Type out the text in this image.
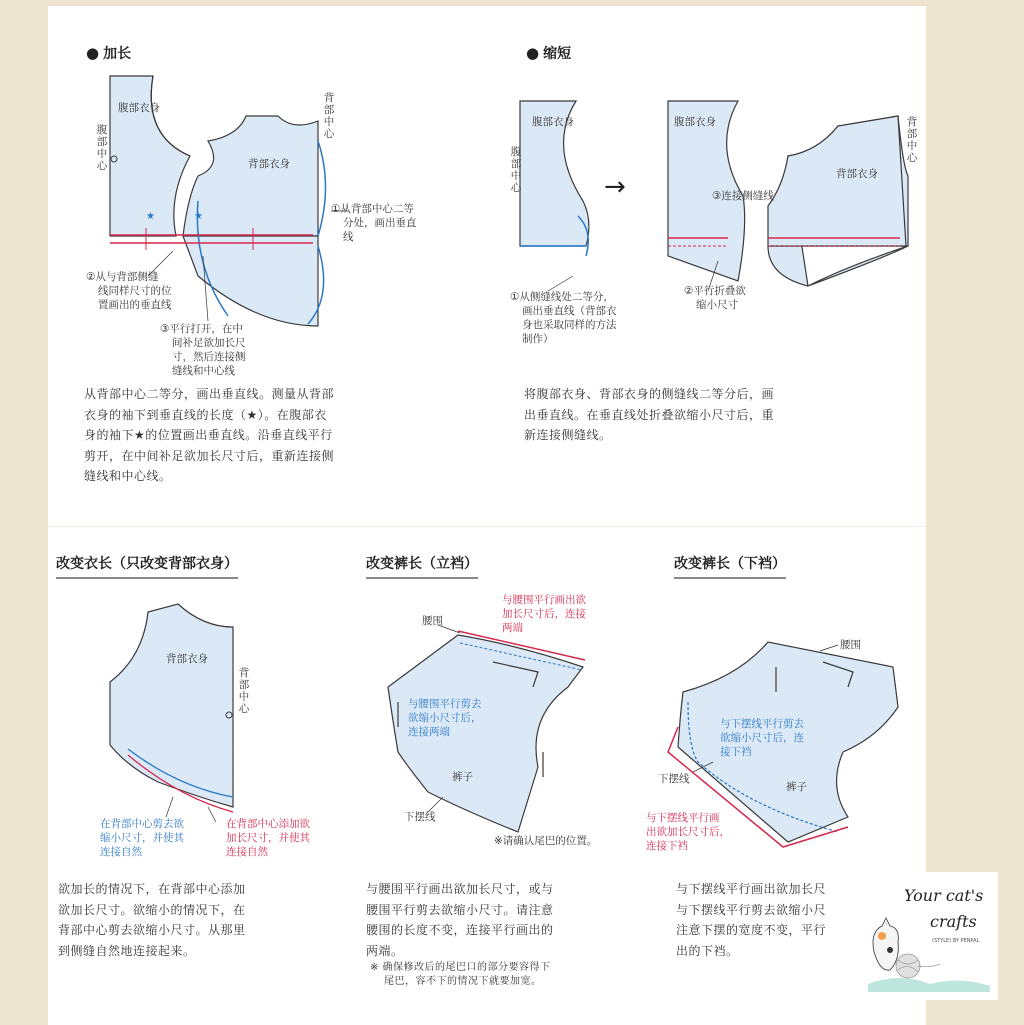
★	★
● 加长	● 缩短
腹部衣身
腹部中心	背部衣身
背部中心
①从背部中心二等
分处，画出垂直
线
②从与背部侧缝
线同样尺寸的位
置画出的垂直线
③平行打开，在中
间补足欲加长尺
寸，然后连接侧
缝线和中心线
从背部中心二等分，画出垂直线。测量从背部
衣身的袖下到垂直线的长度（★）。在腹部衣
身的袖下★的位置画出垂直线。沿垂直线平行
剪开，在中间补足欲加长尺寸后，重新连接侧
缝线和中心线。
腹部衣身
腹部中心	→
腹部衣身
背部衣身
背部中心
③连接侧缝线
①从侧缝线处二等分，
画出垂直线（背部衣
身也采取同样的方法
制作）
②平行折叠欲
缩小尺寸
将腹部衣身、背部衣身的侧缝线二等分后，画
出垂直线。在垂直线处折叠欲缩小尺寸后，重
新连接侧缝线。
改变衣长（只改变背部衣身）	改变裤长（立裆）	改变裤长（下裆）
背部衣身
背部中心
在背部中心剪去欲
缩小尺寸，并使其
连接自然
在背部中心添加欲
加长尺寸，并使其
连接自然
欲加长的情况下，在背部中心添加
欲加长尺寸。欲缩小的情况下，在
背部中心剪去欲缩小尺寸。从那里
到侧缝自然地连接起来。
腰围
与腰围平行画出欲
加长尺寸后，连接
两端
与腰围平行剪去
欲缩小尺寸后，
连接两端
裤子
下摆线
※请确认尾巴的位置。
与腰围平行画出欲加长尺寸，或与
腰围平行剪去欲缩小尺寸。请注意
腰围的长度不变，连接平行画出的
两端。
※ 确保修改后的尾巴口的部分要容得下
尾巴，容不下的情况下就要加宽。
腰围
与下摆线平行剪去
欲缩小尺寸后，连
接下裆
下摆线
裤子
与下摆线平行画
出欲加长尺寸后，
连接下裆
与下摆线平行画出欲加长尺
与下摆线平行剪去欲缩小尺
注意下摆的宽度不变，平行
出的下裆。
Your cat's
crafts
(STYLE) BY PENPAL
